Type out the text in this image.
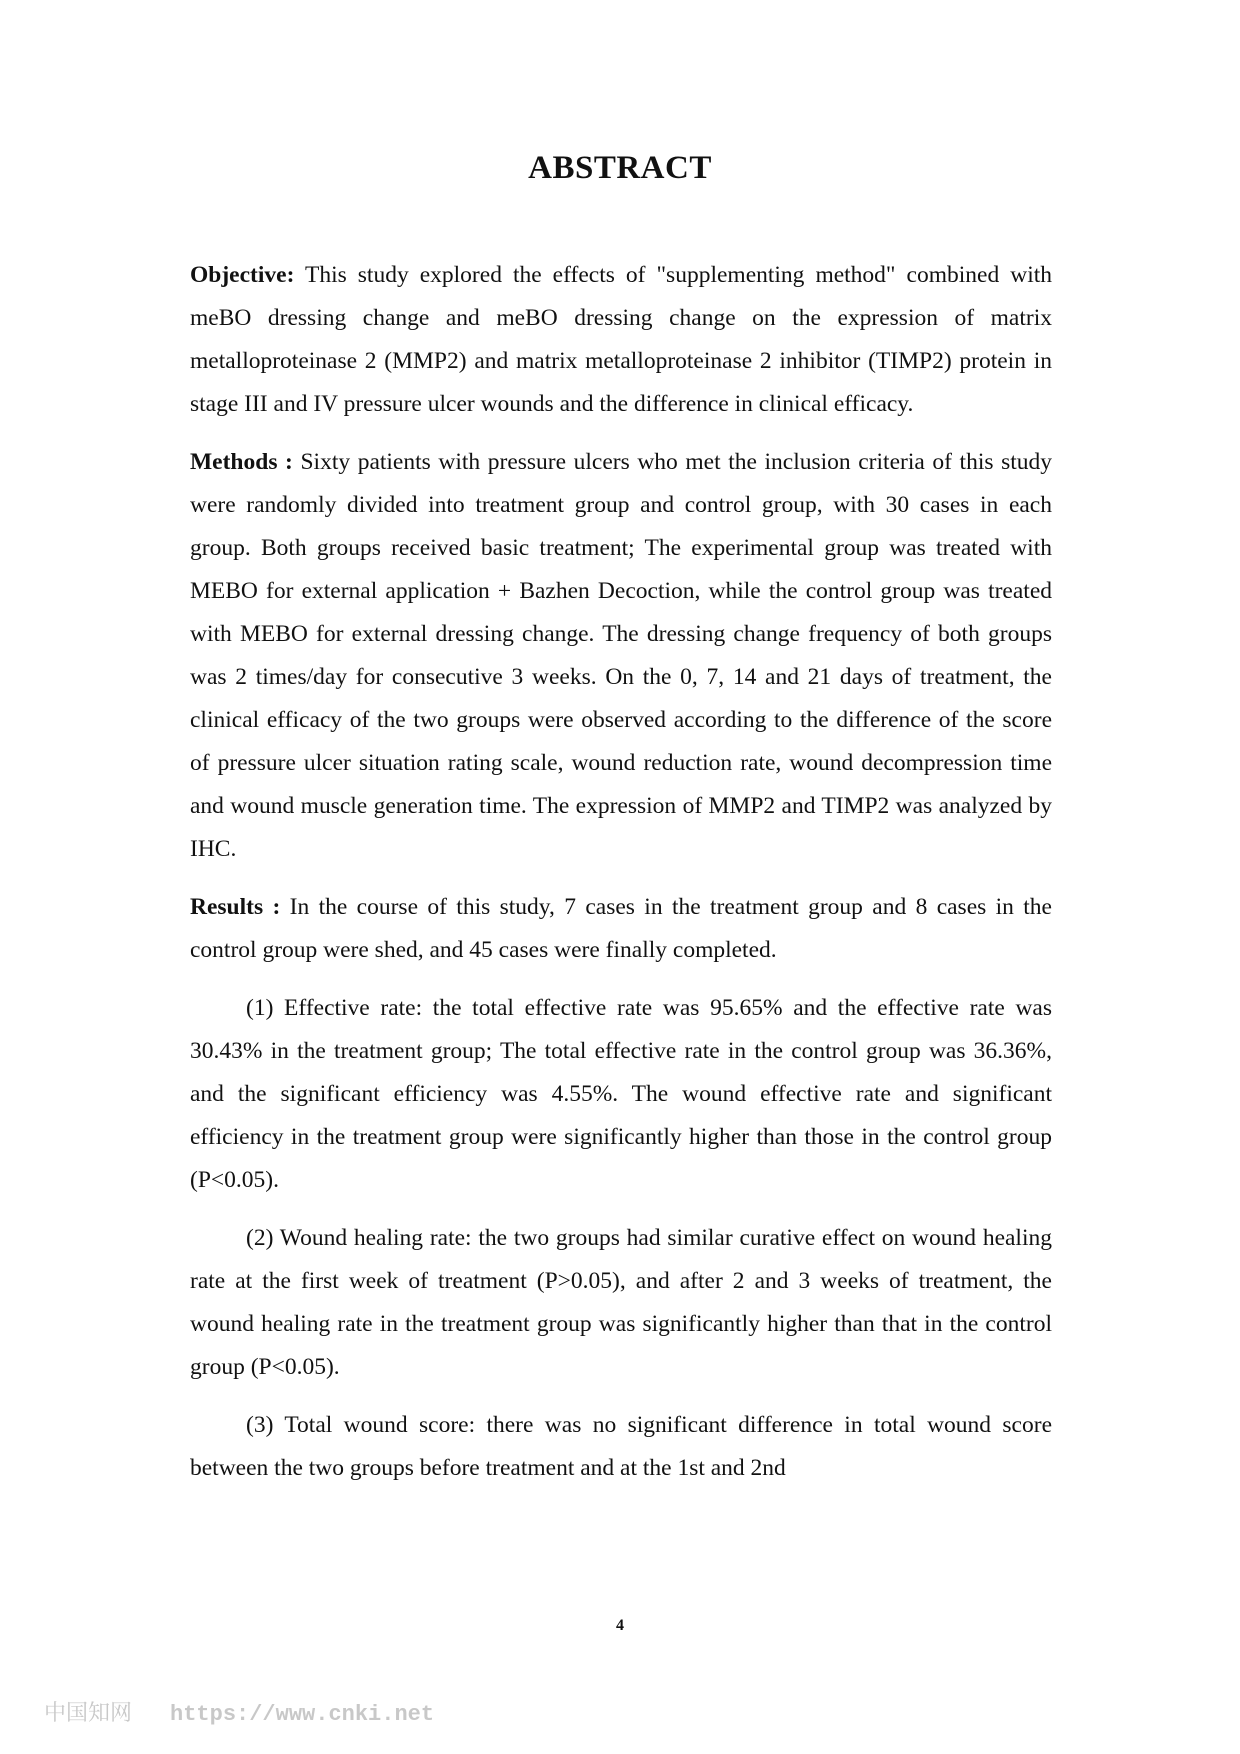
ABSTRACT

Objective: This study explored the effects of "supplementing method" combined with meBO dressing change and meBO dressing change on the expression of matrix metalloproteinase 2 (MMP2) and matrix metalloproteinase 2 inhibitor (TIMP2) protein in stage III and IV pressure ulcer wounds and the difference in clinical efficacy.

Methods : Sixty patients with pressure ulcers who met the inclusion criteria of this study were randomly divided into treatment group and control group, with 30 cases in each group. Both groups received basic treatment; The experimental group was treated with MEBO for external application + Bazhen Decoction, while the control group was treated with MEBO for external dressing change. The dressing change frequency of both groups was 2 times/day for consecutive 3 weeks. On the 0, 7, 14 and 21 days of treatment, the clinical efficacy of the two groups were observed according to the difference of the score of pressure ulcer situation rating scale, wound reduction rate, wound decompression time and wound muscle generation time. The expression of MMP2 and TIMP2 was analyzed by IHC.

Results : In the course of this study, 7 cases in the treatment group and 8 cases in the control group were shed, and 45 cases were finally completed.

(1) Effective rate: the total effective rate was 95.65% and the effective rate was 30.43% in the treatment group; The total effective rate in the control group was 36.36%, and the significant efficiency was 4.55%. The wound effective rate and significant efficiency in the treatment group were significantly higher than those in the control group (P<0.05).

(2) Wound healing rate: the two groups had similar curative effect on wound healing rate at the first week of treatment (P>0.05), and after 2 and 3 weeks of treatment, the wound healing rate in the treatment group was significantly higher than that in the control group (P<0.05).

(3) Total wound score: there was no significant difference in total wound score between the two groups before treatment and at the 1st and 2nd

4
中国知网 https://www.cnki.net
